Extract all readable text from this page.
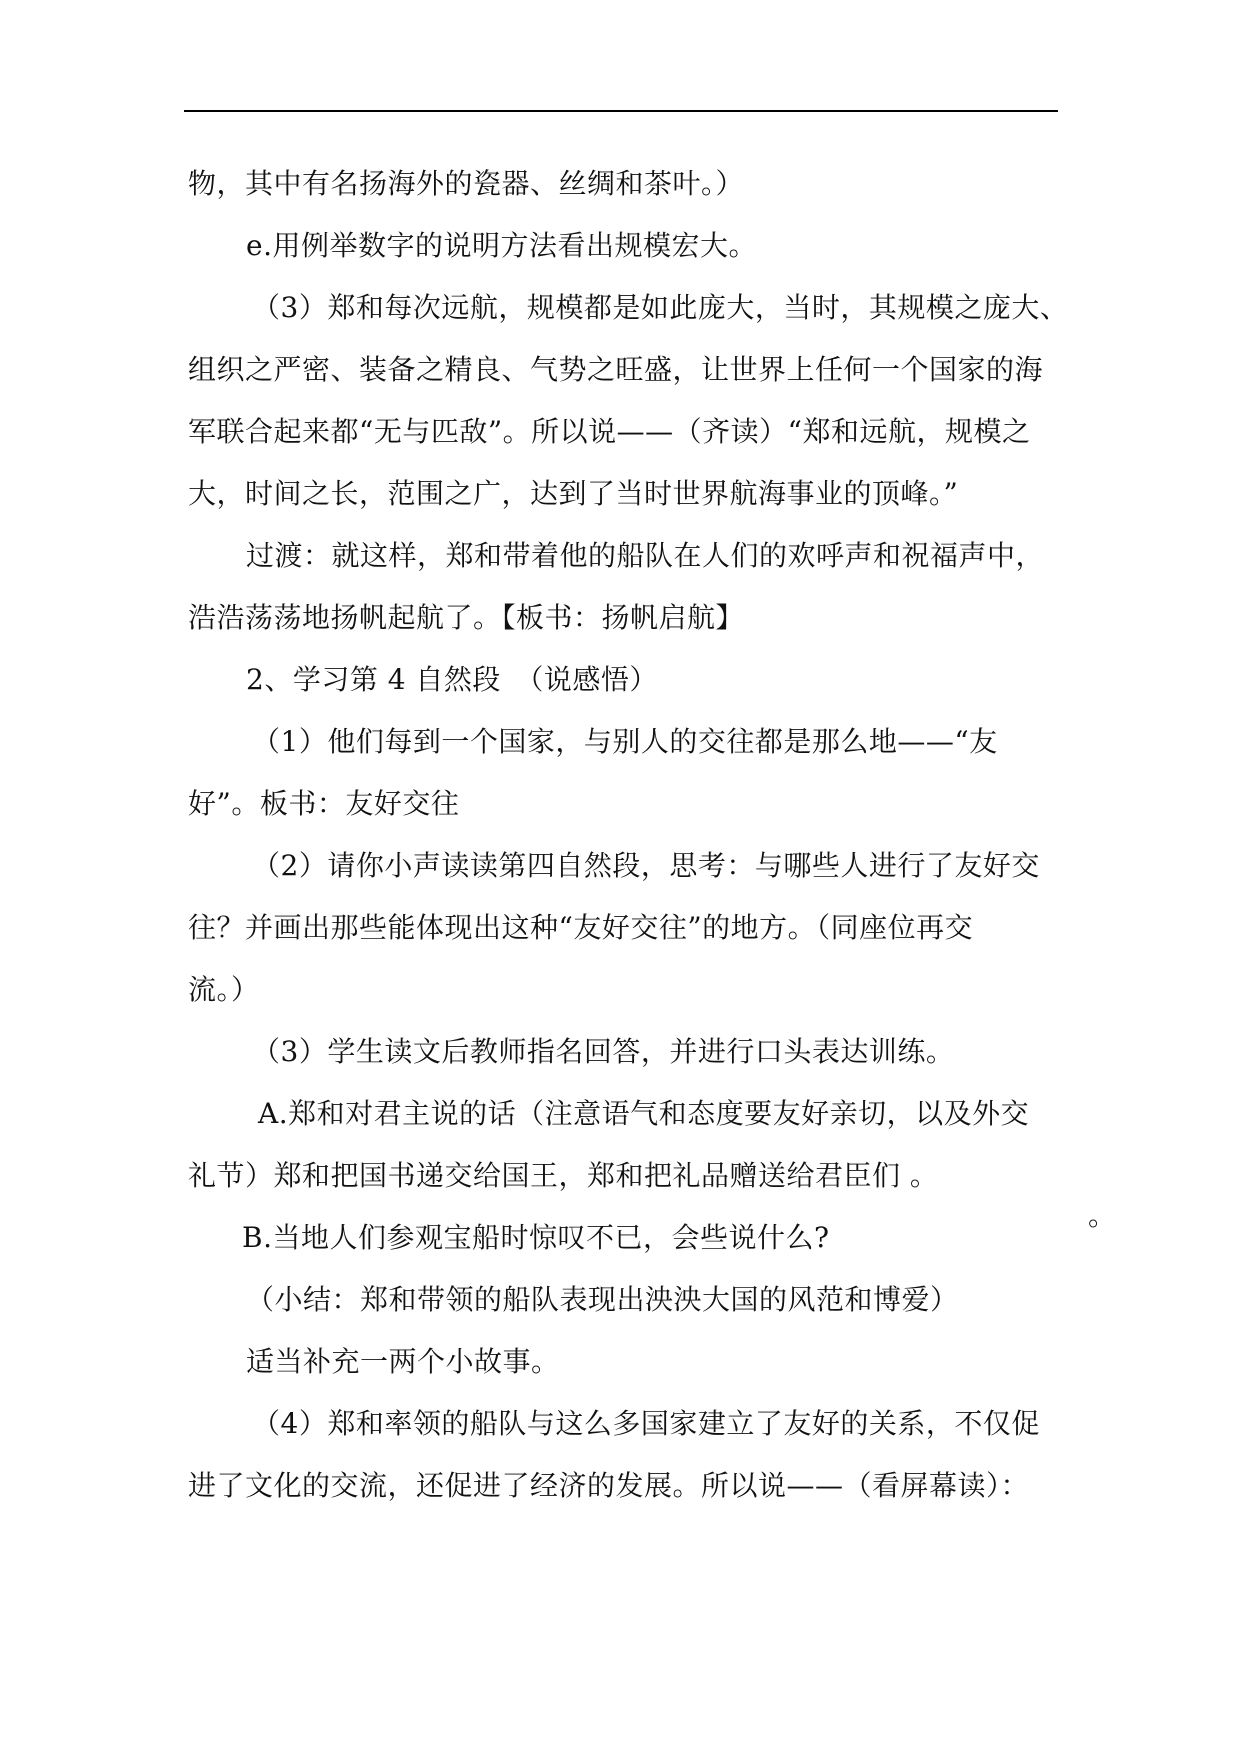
物，其中有名扬海外的瓷器、丝绸和茶叶。）
e.用例举数字的说明方法看出规模宏大。
（3）郑和每次远航，规模都是如此庞大，当时，其规模之庞大、
组织之严密、装备之精良、气势之旺盛，让世界上任何一个国家的海
军联合起来都“无与匹敌”。所以说——（齐读）“郑和远航，规模之
大，时间之长，范围之广，达到了当时世界航海事业的顶峰。”
过渡：就这样，郑和带着他的船队在人们的欢呼声和祝福声中，
浩浩荡荡地扬帆起航了。【板书：扬帆启航】
2、学习第 4 自然段　（说感悟）
（1）他们每到一个国家，与别人的交往都是那么地——“友
好”。板书：友好交往
（2）请你小声读读第四自然段，思考：与哪些人进行了友好交
往？并画出那些能体现出这种“友好交往”的地方。（同座位再交
流。）
（3）学生读文后教师指名回答，并进行口头表达训练。
A.郑和对君主说的话（注意语气和态度要友好亲切，以及外交
礼节）郑和把国书递交给国王，郑和把礼品赠送给君臣们 。
。
B.当地人们参观宝船时惊叹不已，会些说什么?
（小结：郑和带领的船队表现出泱泱大国的风范和博爱）
适当补充一两个小故事。
（4）郑和率领的船队与这么多国家建立了友好的关系，不仅促
进了文化的交流，还促进了经济的发展。所以说——（看屏幕读）：
